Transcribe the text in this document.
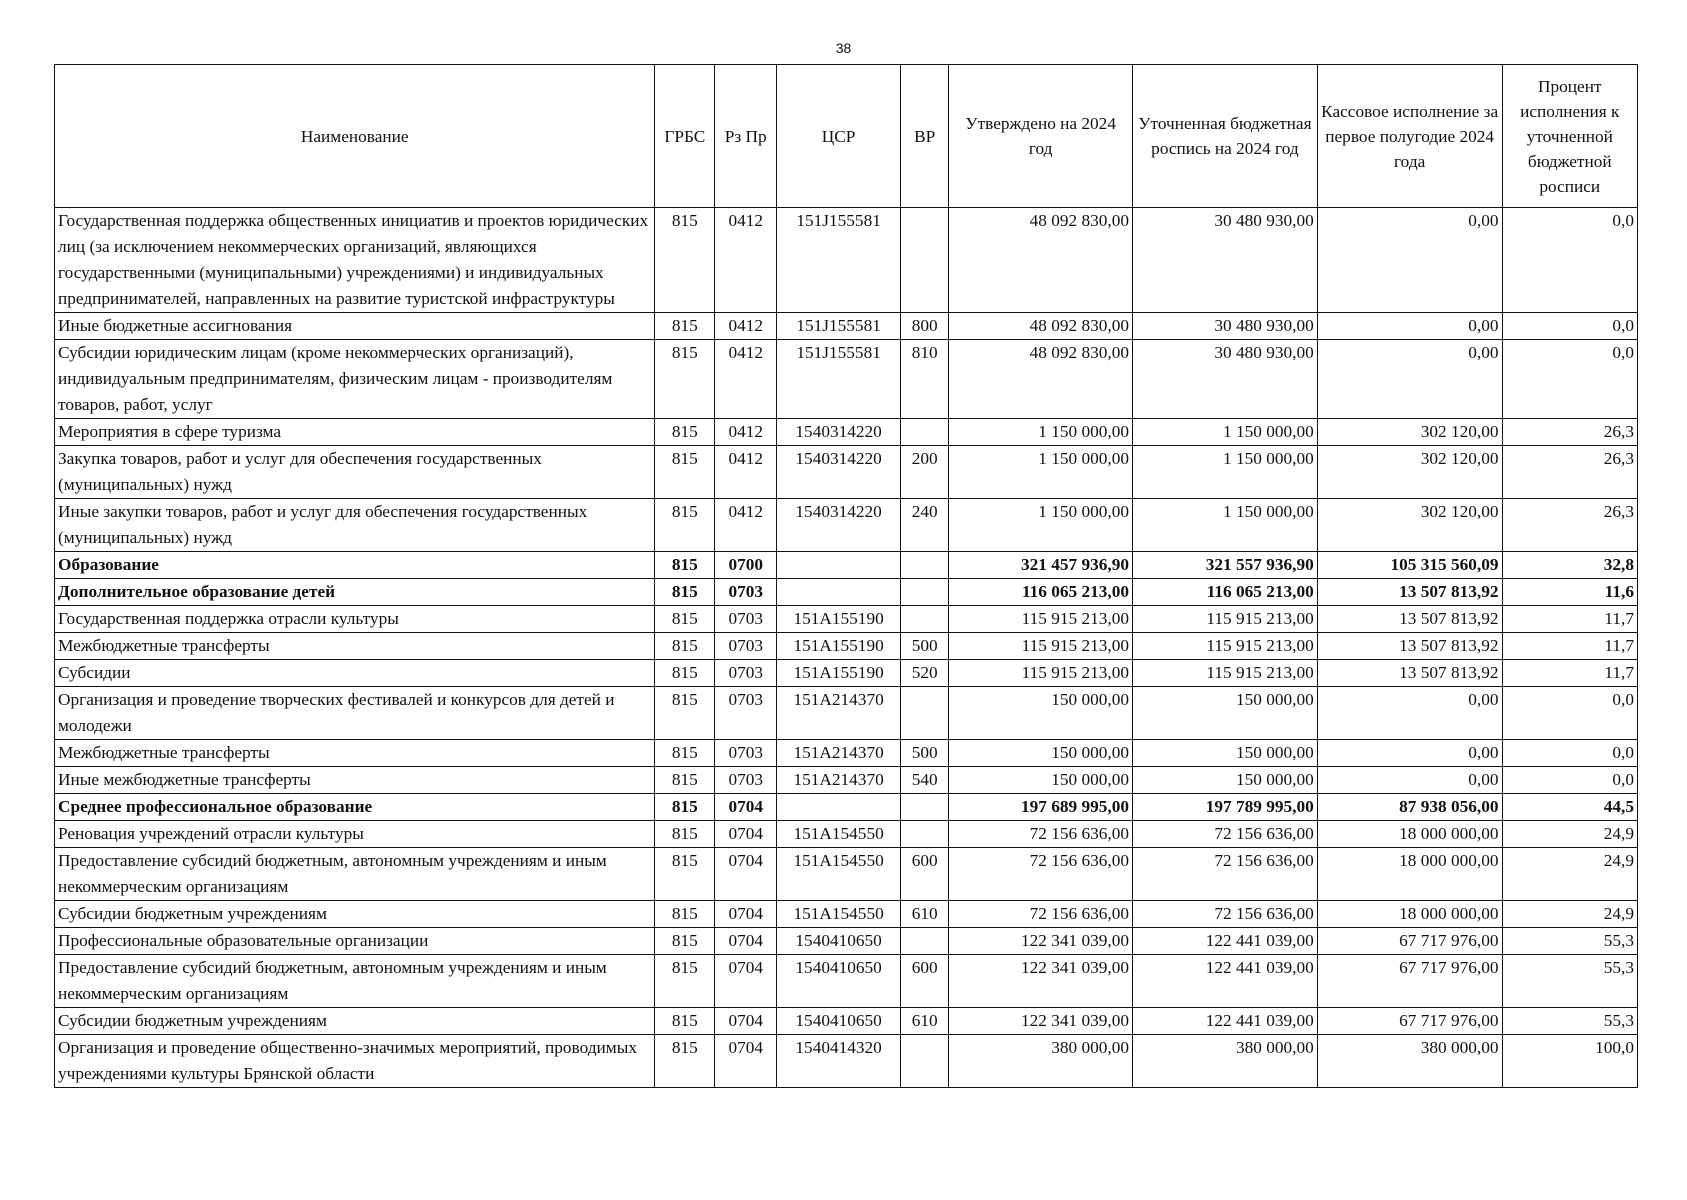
38
Наименование	ГРБС	Рз Пр	ЦСР	ВР	Утверждено на 2024 год	Уточненная бюджетная роспись на 2024 год	Кассовое исполнение за первое полугодие 2024 года	Процент исполнения к уточненной бюджетной росписи
Государственная поддержка общественных инициатив и проектов юридических лиц (за исключением некоммерческих организаций, являющихся государственными (муниципальными) учреждениями) и индивидуальных предпринимателей, направленных на развитие туристской инфраструктуры	815	0412	151J155581		48 092 830,00	30 480 930,00	0,00	0,0
Иные бюджетные ассигнования	815	0412	151J155581	800	48 092 830,00	30 480 930,00	0,00	0,0
Субсидии юридическим лицам (кроме некоммерческих организаций), индивидуальным предпринимателям, физическим лицам - производителям товаров, работ, услуг	815	0412	151J155581	810	48 092 830,00	30 480 930,00	0,00	0,0
Мероприятия в сфере туризма	815	0412	1540314220		1 150 000,00	1 150 000,00	302 120,00	26,3
Закупка товаров, работ и услуг для обеспечения государственных (муниципальных) нужд	815	0412	1540314220	200	1 150 000,00	1 150 000,00	302 120,00	26,3
Иные закупки товаров, работ и услуг для обеспечения государственных (муниципальных) нужд	815	0412	1540314220	240	1 150 000,00	1 150 000,00	302 120,00	26,3
Образование	815	0700			321 457 936,90	321 557 936,90	105 315 560,09	32,8
Дополнительное образование детей	815	0703			116 065 213,00	116 065 213,00	13 507 813,92	11,6
Государственная поддержка отрасли культуры	815	0703	151A155190		115 915 213,00	115 915 213,00	13 507 813,92	11,7
Межбюджетные трансферты	815	0703	151A155190	500	115 915 213,00	115 915 213,00	13 507 813,92	11,7
Субсидии	815	0703	151A155190	520	115 915 213,00	115 915 213,00	13 507 813,92	11,7
Организация и проведение творческих фестивалей и конкурсов для детей и молодежи	815	0703	151A214370		150 000,00	150 000,00	0,00	0,0
Межбюджетные трансферты	815	0703	151A214370	500	150 000,00	150 000,00	0,00	0,0
Иные межбюджетные трансферты	815	0703	151A214370	540	150 000,00	150 000,00	0,00	0,0
Среднее профессиональное образование	815	0704			197 689 995,00	197 789 995,00	87 938 056,00	44,5
Реновация учреждений отрасли культуры	815	0704	151A154550		72 156 636,00	72 156 636,00	18 000 000,00	24,9
Предоставление субсидий бюджетным, автономным учреждениям и иным некоммерческим организациям	815	0704	151A154550	600	72 156 636,00	72 156 636,00	18 000 000,00	24,9
Субсидии бюджетным учреждениям	815	0704	151A154550	610	72 156 636,00	72 156 636,00	18 000 000,00	24,9
Профессиональные образовательные организации	815	0704	1540410650		122 341 039,00	122 441 039,00	67 717 976,00	55,3
Предоставление субсидий бюджетным, автономным учреждениям и иным некоммерческим организациям	815	0704	1540410650	600	122 341 039,00	122 441 039,00	67 717 976,00	55,3
Субсидии бюджетным учреждениям	815	0704	1540410650	610	122 341 039,00	122 441 039,00	67 717 976,00	55,3
Организация и проведение общественно-значимых мероприятий, проводимых учреждениями культуры Брянской области	815	0704	1540414320		380 000,00	380 000,00	380 000,00	100,0
